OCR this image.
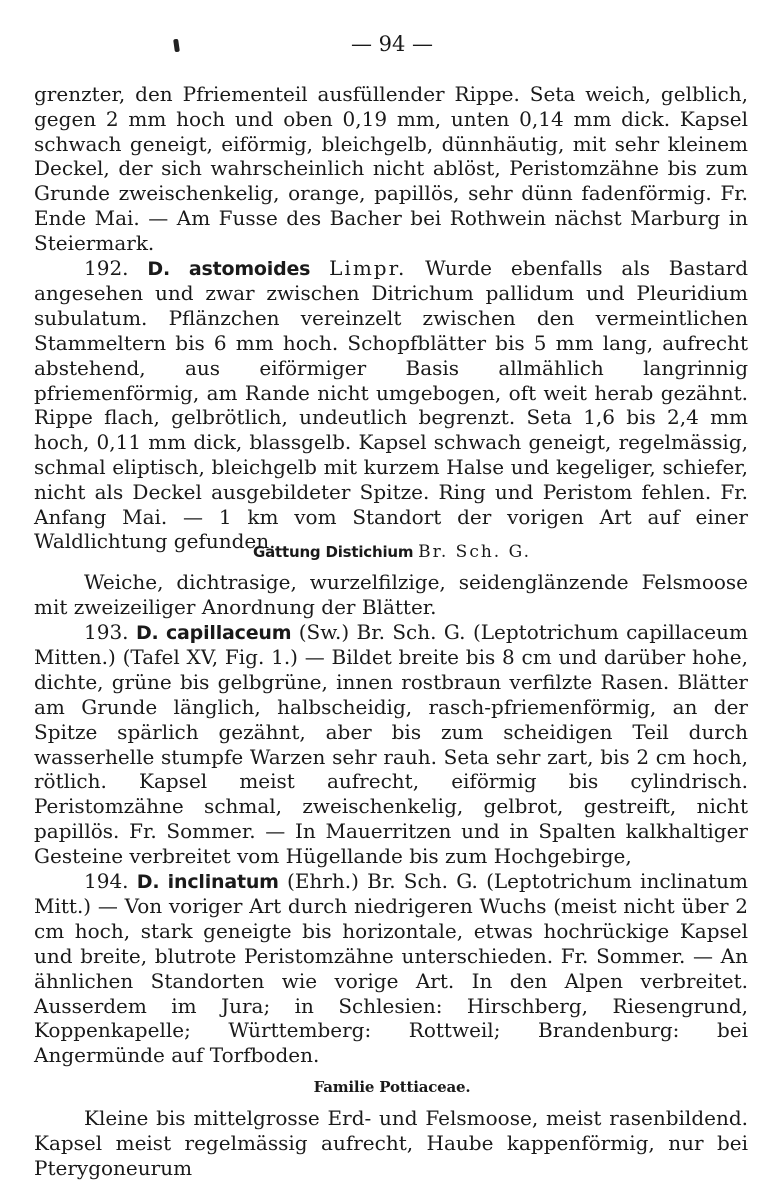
— 94 —

grenzter, den Pfriementeil ausfüllender Rippe. Seta weich, gelblich, gegen 2 mm hoch und oben 0,19 mm, unten 0,14 mm dick. Kapsel schwach geneigt, eiförmig, bleichgelb, dünnhäutig, mit sehr kleinem Deckel, der sich wahrscheinlich nicht ablöst, Peristomzähne bis zum Grunde zweischenkelig, orange, papillös, sehr dünn fadenförmig. Fr. Ende Mai. — Am Fusse des Bacher bei Rothwein nächst Marburg in Steiermark.

192. D. astomoides Limpr. Wurde ebenfalls als Bastard angesehen und zwar zwischen Ditrichum pallidum und Pleuridium subulatum. Pflänzchen vereinzelt zwischen den vermeintlichen Stammeltern bis 6 mm hoch. Schopfblätter bis 5 mm lang, aufrecht abstehend, aus eiförmiger Basis allmählich langrinnig pfriemenförmig, am Rande nicht umgebogen, oft weit herab gezähnt. Rippe flach, gelbrötlich, undeutlich begrenzt. Seta 1,6 bis 2,4 mm hoch, 0,11 mm dick, blassgelb. Kapsel schwach geneigt, regelmässig, schmal eliptisch, bleichgelb mit kurzem Halse und kegeliger, schiefer, nicht als Deckel ausgebildeter Spitze. Ring und Peristom fehlen. Fr. Anfang Mai. — 1 km vom Standort der vorigen Art auf einer Waldlichtung gefunden.

Gattung Distichium Br. Sch. G.

Weiche, dichtrasige, wurzelfilzige, seidenglänzende Felsmoose mit zweizeiliger Anordnung der Blätter.

193. D. capillaceum (Sw.) Br. Sch. G. (Leptotrichum capillaceum Mitten.) (Tafel XV, Fig. 1.) — Bildet breite bis 8 cm und darüber hohe, dichte, grüne bis gelbgrüne, innen rostbraun verfilzte Rasen. Blätter am Grunde länglich, halbscheidig, rasch-pfriemenförmig, an der Spitze spärlich gezähnt, aber bis zum scheidigen Teil durch wasserhelle stumpfe Warzen sehr rauh. Seta sehr zart, bis 2 cm hoch, rötlich. Kapsel meist aufrecht, eiförmig bis cylindrisch. Peristomzähne schmal, zweischenkelig, gelbrot, gestreift, nicht papillös. Fr. Sommer. — In Mauerritzen und in Spalten kalkhaltiger Gesteine verbreitet vom Hügellande bis zum Hochgebirge,

194. D. inclinatum (Ehrh.) Br. Sch. G. (Leptotrichum inclinatum Mitt.) — Von voriger Art durch niedrigeren Wuchs (meist nicht über 2 cm hoch, stark geneigte bis horizontale, etwas hochrückige Kapsel und breite, blutrote Peristomzähne unterschieden. Fr. Sommer. — An ähnlichen Standorten wie vorige Art. In den Alpen verbreitet. Ausserdem im Jura; in Schlesien: Hirschberg, Riesengrund, Koppenkapelle; Württemberg: Rottweil; Brandenburg: bei Angermünde auf Torfboden.

Familie Pottiaceae.

Kleine bis mittelgrosse Erd- und Felsmoose, meist rasenbildend. Kapsel meist regelmässig aufrecht, Haube kappenförmig, nur bei Pterygoneurum
